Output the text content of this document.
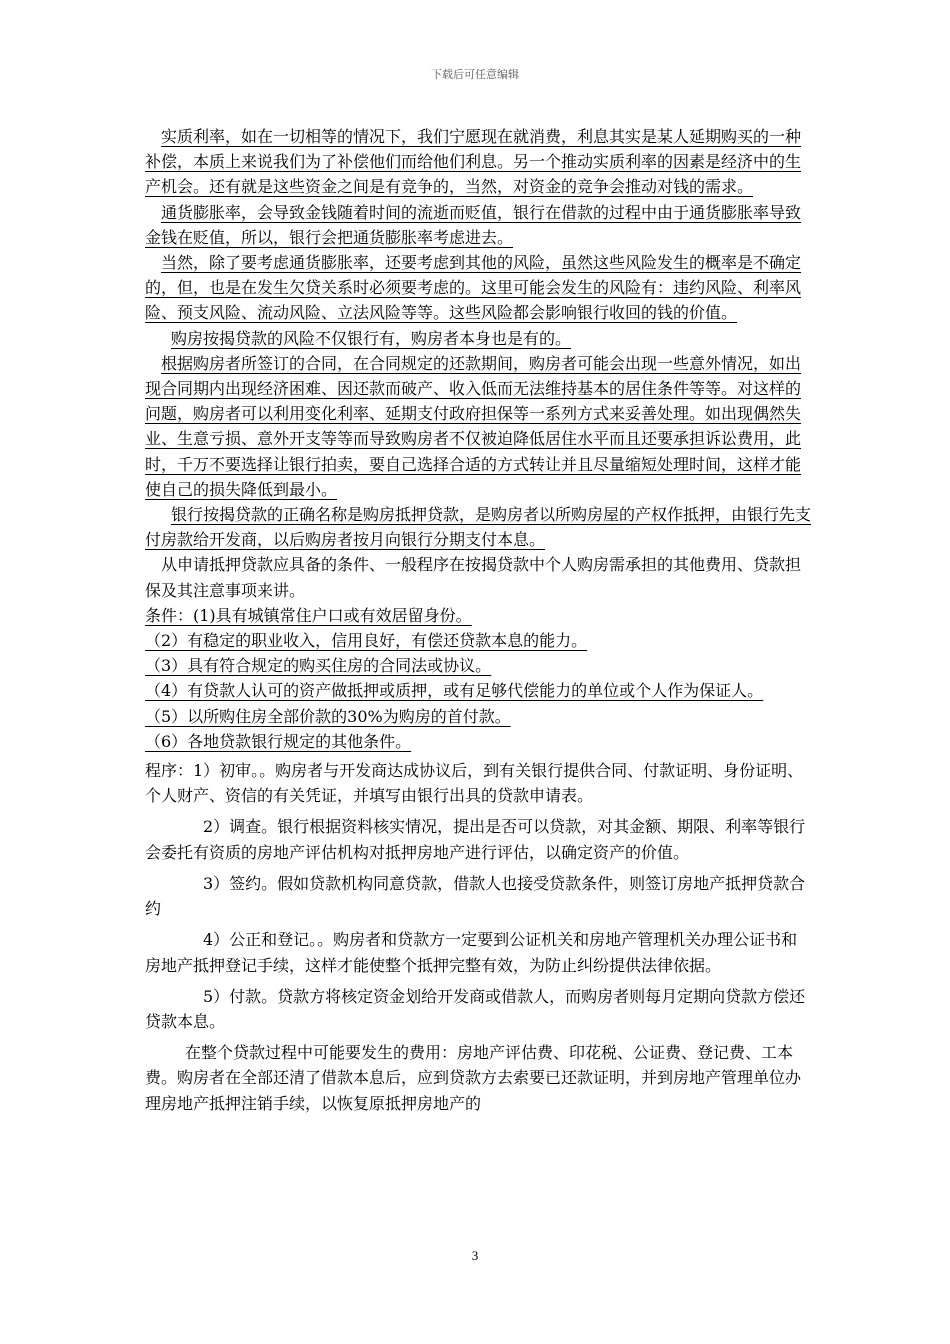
下载后可任意编辑

实质利率，如在一切相等的情况下，我们宁愿现在就消费，利息其实是某人延期购买的一种补偿，本质上来说我们为了补偿他们而给他们利息。另一个推动实质利率的因素是经济中的生产机会。还有就是这些资金之间是有竞争的，当然，对资金的竞争会推动对钱的需求。

通货膨胀率，会导致金钱随着时间的流逝而贬值，银行在借款的过程中由于通货膨胀率导致金钱在贬值，所以，银行会把通货膨胀率考虑进去。

当然，除了要考虑通货膨胀率，还要考虑到其他的风险，虽然这些风险发生的概率是不确定的，但，也是在发生欠贷关系时必须要考虑的。这里可能会发生的风险有：违约风险、利率风险、预支风险、流动风险、立法风险等等。这些风险都会影响银行收回的钱的价值。

购房按揭贷款的风险不仅银行有，购房者本身也是有的。

根据购房者所签订的合同，在合同规定的还款期间，购房者可能会出现一些意外情况，如出现合同期内出现经济困难、因还款而破产、收入低而无法维持基本的居住条件等等。对这样的问题，购房者可以利用变化利率、延期支付政府担保等一系列方式来妥善处理。如出现偶然失业、生意亏损、意外开支等等而导致购房者不仅被迫降低居住水平而且还要承担诉讼费用，此时，千万不要选择让银行拍卖，要自己选择合适的方式转让并且尽量缩短处理时间，这样才能使自己的损失降低到最小。

银行按揭贷款的正确名称是购房抵押贷款，是购房者以所购房屋的产权作抵押，由银行先支付房款给开发商，以后购房者按月向银行分期支付本息。

从申请抵押贷款应具备的条件、一般程序在按揭贷款中个人购房需承担的其他费用、贷款担保及其注意事项来讲。

条件：(1)具有城镇常住户口或有效居留身份。

（2）有稳定的职业收入，信用良好，有偿还贷款本息的能力。

（3）具有符合规定的购买住房的合同法或协议。

（4）有贷款人认可的资产做抵押或质押，或有足够代偿能力的单位或个人作为保证人。

（5）以所购住房全部价款的30%为购房的首付款。

（6）各地贷款银行规定的其他条件。

程序：1）初审。。购房者与开发商达成协议后，到有关银行提供合同、付款证明、身份证明、个人财产、资信的有关凭证，并填写由银行出具的贷款申请表。

2）调查。银行根据资料核实情况，提出是否可以贷款，对其金额、期限、利率等银行会委托有资质的房地产评估机构对抵押房地产进行评估，以确定资产的价值。

3）签约。假如贷款机构同意贷款，借款人也接受贷款条件，则签订房地产抵押贷款合约

4）公正和登记。。购房者和贷款方一定要到公证机关和房地产管理机关办理公证书和房地产抵押登记手续，这样才能使整个抵押完整有效，为防止纠纷提供法律依据。

5）付款。贷款方将核定资金划给开发商或借款人，而购房者则每月定期向贷款方偿还贷款本息。

在整个贷款过程中可能要发生的费用：房地产评估费、印花税、公证费、登记费、工本费。购房者在全部还清了借款本息后，应到贷款方去索要已还款证明，并到房地产管理单位办理房地产抵押注销手续，以恢复原抵押房地产的

3
